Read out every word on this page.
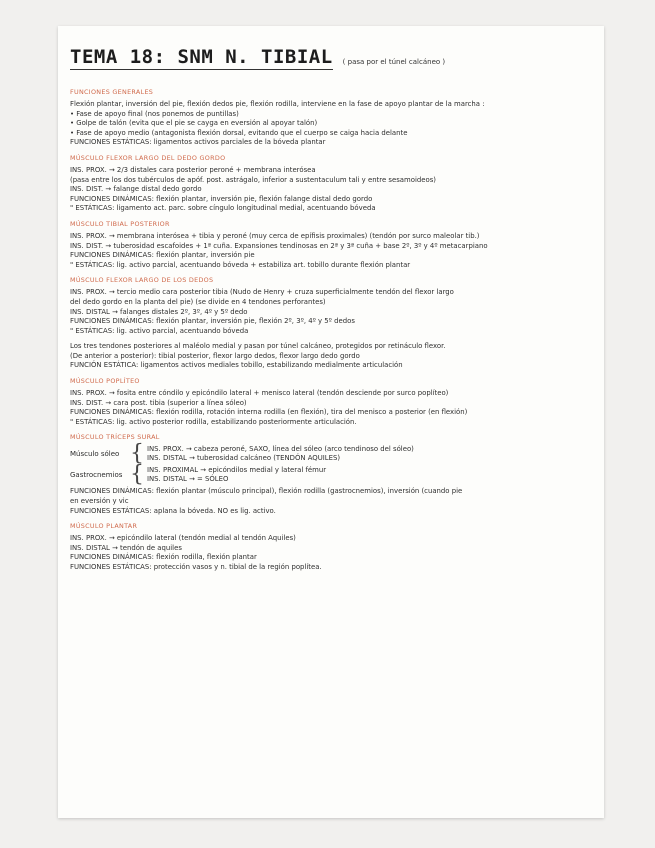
TEMA 18: SNM N. TIBIAL ( pasa por el túnel calcáneo )
FUNCIONES GENERALES
Flexión plantar, inversión del pie, flexión dedos pie, flexión rodilla, interviene en la fase de apoyo plantar de la marcha :
• Fase de apoyo final (nos ponemos de puntillas)
• Golpe de talón (evita que el pie se cayga en eversión al apoyar talón)
• Fase de apoyo medio (antagonista flexión dorsal, evitando que el cuerpo se caiga hacia delante
FUNCIONES ESTÁTICAS: ligamentos activos parciales de la bóveda plantar
MÚSCULO FLEXOR LARGO DEL DEDO GORDO
INS. PROX. → 2/3 distales cara posterior peroné + membrana interósea
(pasa entre los dos tubérculos de apóf. post. astrágalo, inferior a sustentaculum tali y entre sesamoideos)
INS. DIST. → falange distal dedo gordo
FUNCIONES DINÁMICAS: flexión plantar, inversión pie, flexión falange distal dedo gordo
" ESTÁTICAS: ligamento act. parc. sobre cíngulo longitudinal medial, acentuando bóveda
MÚSCULO TIBIAL POSTERIOR
INS. PROX. → membrana interósea + tibia y peroné (muy cerca de epífisis proximales) (tendón por surco maleolar tib.)
INS. DIST. → tuberosidad escafoides + 1ª cuña. Expansiones tendinosas en 2ª y 3ª cuña + base 2º, 3º y 4º metacarpiano
FUNCIONES DINÁMICAS: flexión plantar, inversión pie
" ESTÁTICAS: lig. activo parcial, acentuando bóveda + estabiliza art. tobillo durante flexión plantar
MÚSCULO FLEXOR LARGO DE LOS DEDOS
INS. PROX. → tercio medio cara posterior tibia (Nudo de Henry + cruza superficialmente tendón del flexor largo
del dedo gordo en la planta del pie) (se divide en 4 tendones perforantes)
INS. DISTAL → falanges distales 2º, 3º, 4º y 5º dedo
FUNCIONES DINÁMICAS: flexión plantar, inversión pie, flexión 2º, 3º, 4º y 5º dedos
" ESTÁTICAS: lig. activo parcial, acentuando bóveda
Los tres tendones posteriores al maléolo medial y pasan por túnel calcáneo, protegidos por retináculo flexor.
(De anterior a posterior): tibial posterior, flexor largo dedos, flexor largo dedo gordo
FUNCIÓN ESTÁTICA: ligamentos activos mediales tobillo, estabilizando medialmente articulación
MÚSCULO POPLÍTEO
INS. PROX. → fosita entre cóndilo y epicóndilo lateral + menisco lateral (tendón desciende por surco poplíteo)
INS. DIST. → cara post. tibia (superior a línea sóleo)
FUNCIONES DINÁMICAS: flexión rodilla, rotación interna rodilla (en flexión), tira del menisco a posterior (en flexión)
" ESTÁTICAS: lig. activo posterior rodilla, estabilizando posteriormente articulación.
MÚSCULO TRÍCEPS SURAL
Músculo sóleo { INS. PROX. → cabeza peroné, SAXO, línea del sóleo (arco tendinoso del sóleo)
INS. DISTAL → tuberosidad calcáneo (TENDÓN AQUILES)
Gastrocnemios { INS. PROXIMAL → epicóndilos medial y lateral fémur
INS. DISTAL → = SÓLEO
FUNCIONES DINÁMICAS: flexión plantar (músculo principal), flexión rodilla (gastrocnemios), inversión (cuando pie
en eversión y vic
FUNCIONES ESTÁTICAS: aplana la bóveda. NO es lig. activo.
MÚSCULO PLANTAR
INS. PROX. → epicóndilo lateral (tendón medial al tendón Aquiles)
INS. DISTAL → tendón de aquiles
FUNCIONES DINÁMICAS: flexión rodilla, flexión plantar
FUNCIONES ESTÁTICAS: protección vasos y n. tibial de la región poplítea.
